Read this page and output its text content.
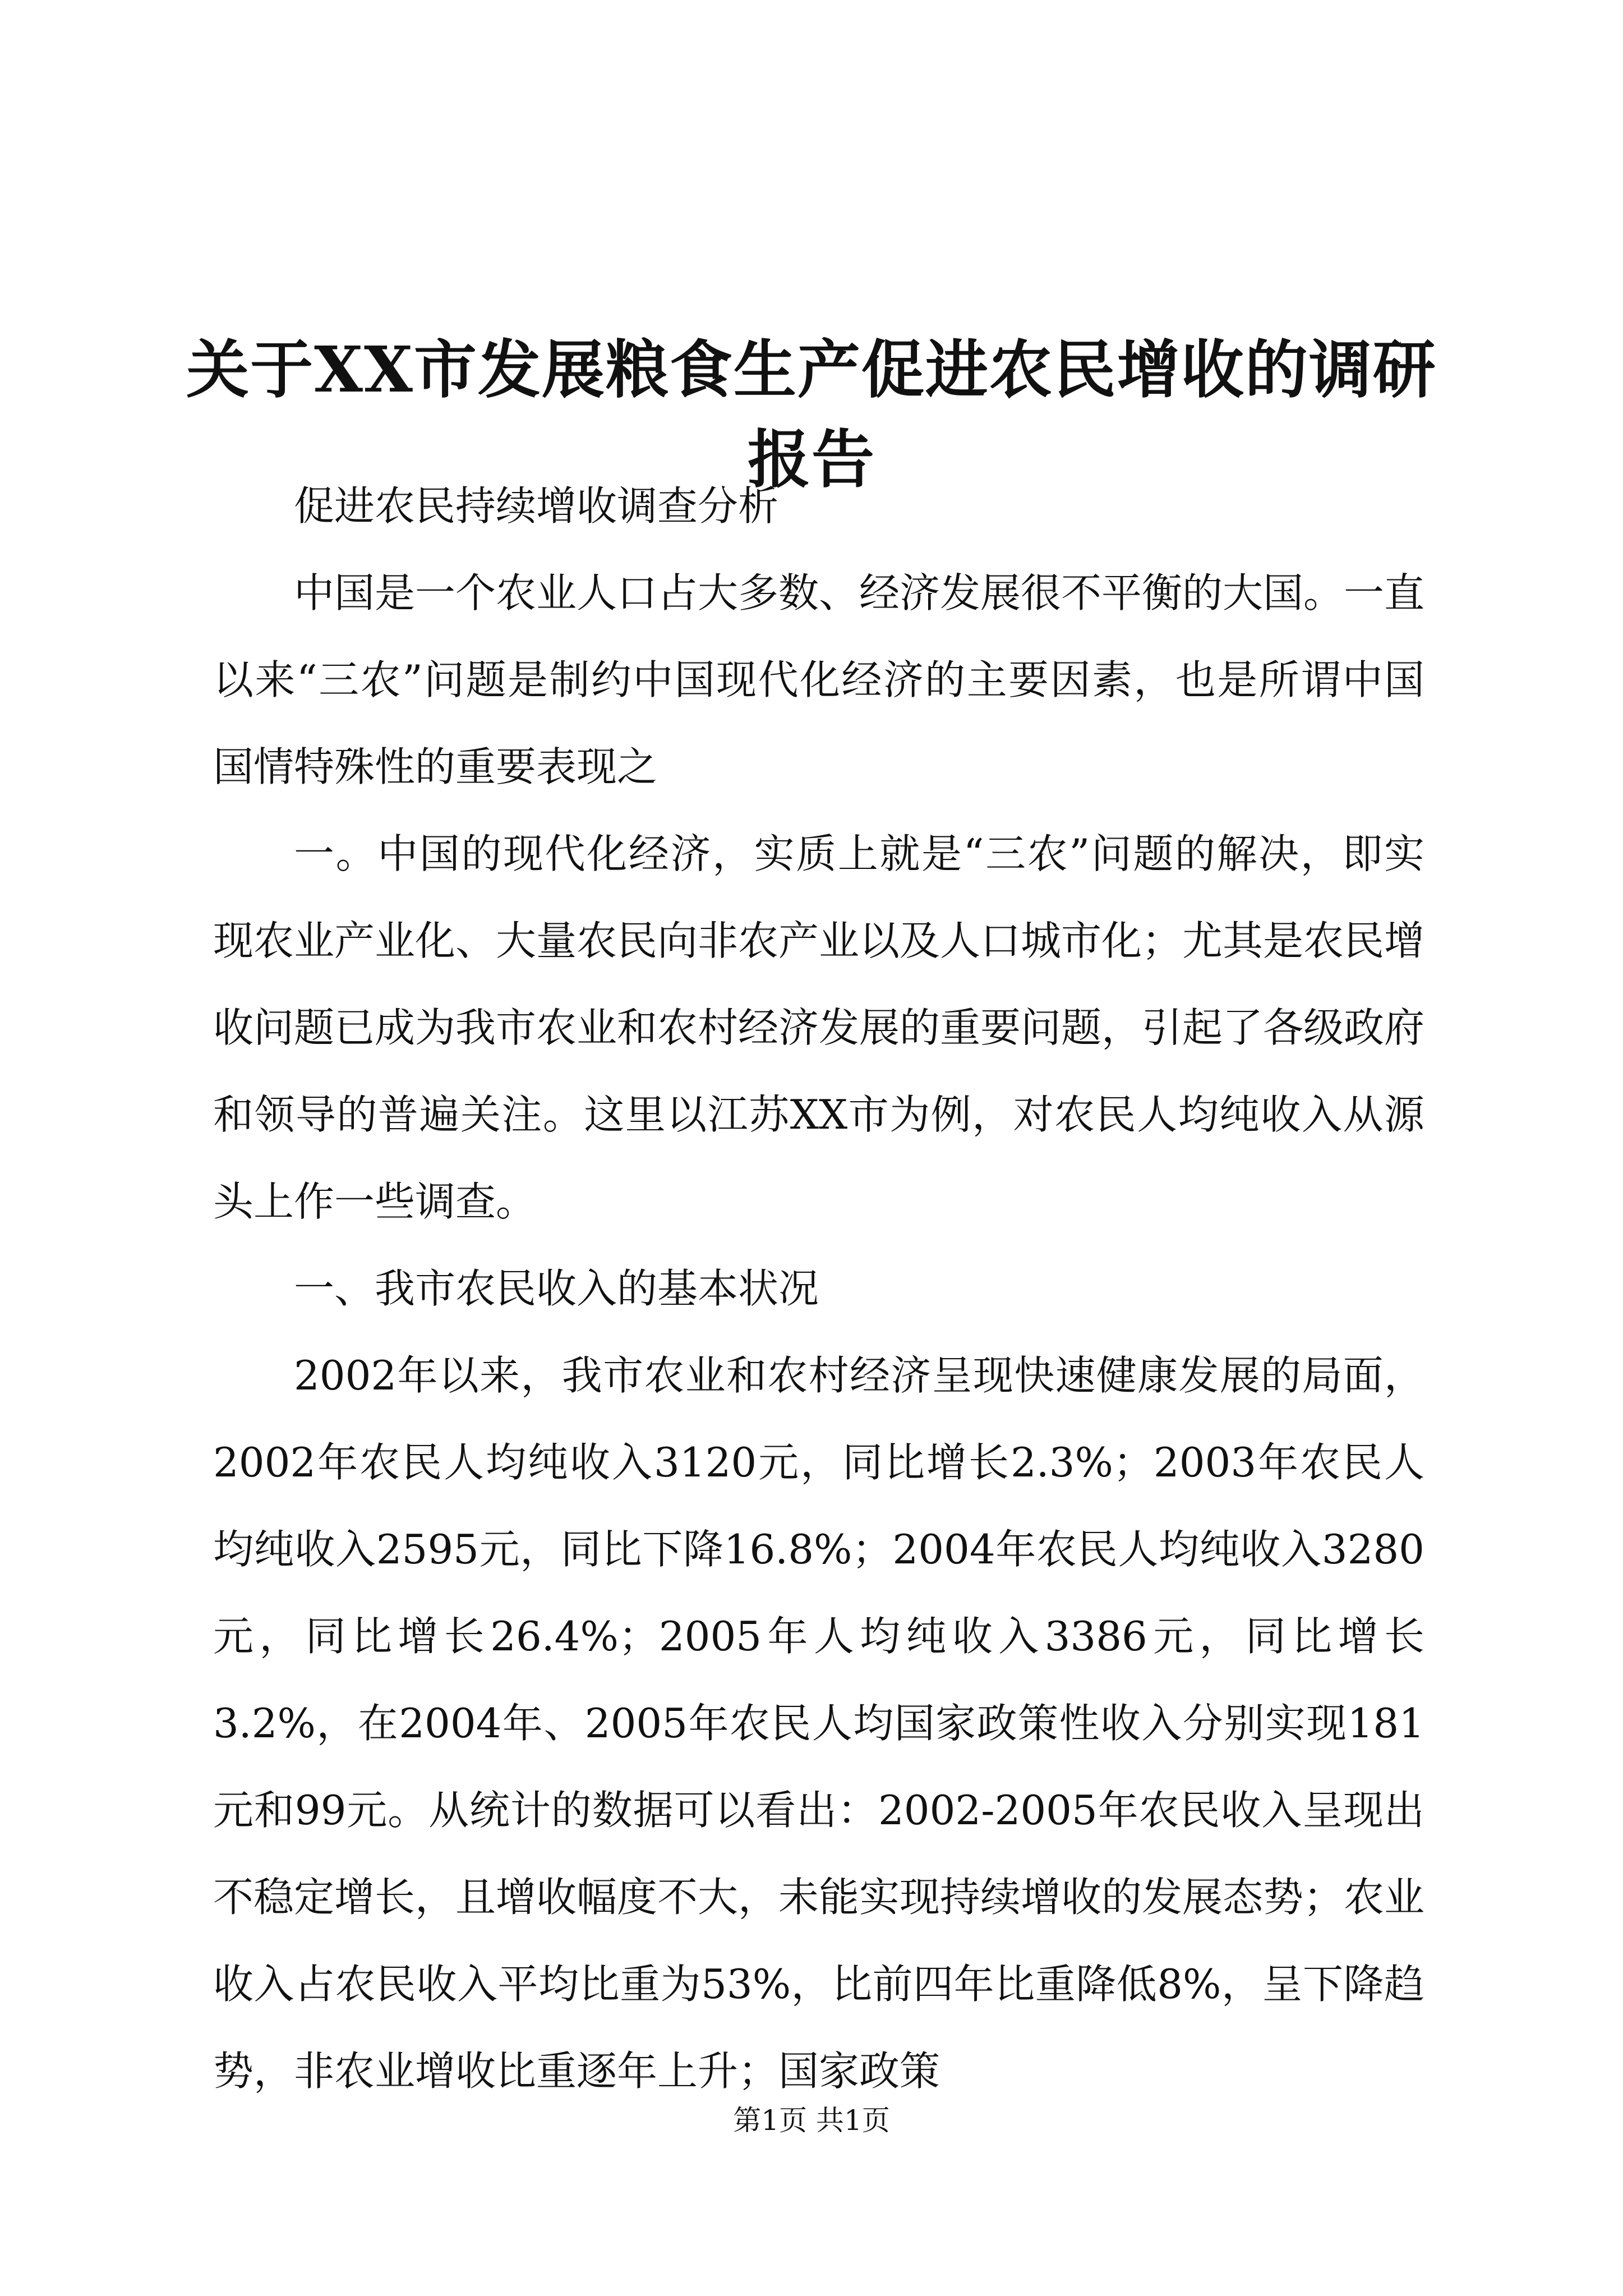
关于XX市发展粮食生产促进农民增收的调研报告

促进农民持续增收调查分析

中国是一个农业人口占大多数、经济发展很不平衡的大国。一直以来“三农”问题是制约中国现代化经济的主要因素，也是所谓中国国情特殊性的重要表现之

一。中国的现代化经济，实质上就是“三农”问题的解决，即实现农业产业化、大量农民向非农产业以及人口城市化；尤其是农民增收问题已成为我市农业和农村经济发展的重要问题，引起了各级政府和领导的普遍关注。这里以江苏XX市为例，对农民人均纯收入从源头上作一些调查。

一、我市农民收入的基本状况

2002年以来，我市农业和农村经济呈现快速健康发展的局面，2002年农民人均纯收入3120元，同比增长2.3%；2003年农民人均纯收入2595元，同比下降16.8%；2004年农民人均纯收入3280元，同比增长26.4%；2005年人均纯收入3386元，同比增长3.2%，在2004年、2005年农民人均国家政策性收入分别实现181元和99元。从统计的数据可以看出：2002-2005年农民收入呈现出不稳定增长，且增收幅度不大，未能实现持续增收的发展态势；农业收入占农民收入平均比重为53%，比前四年比重降低8%，呈下降趋势，非农业增收比重逐年上升；国家政策

第1页 共1页
